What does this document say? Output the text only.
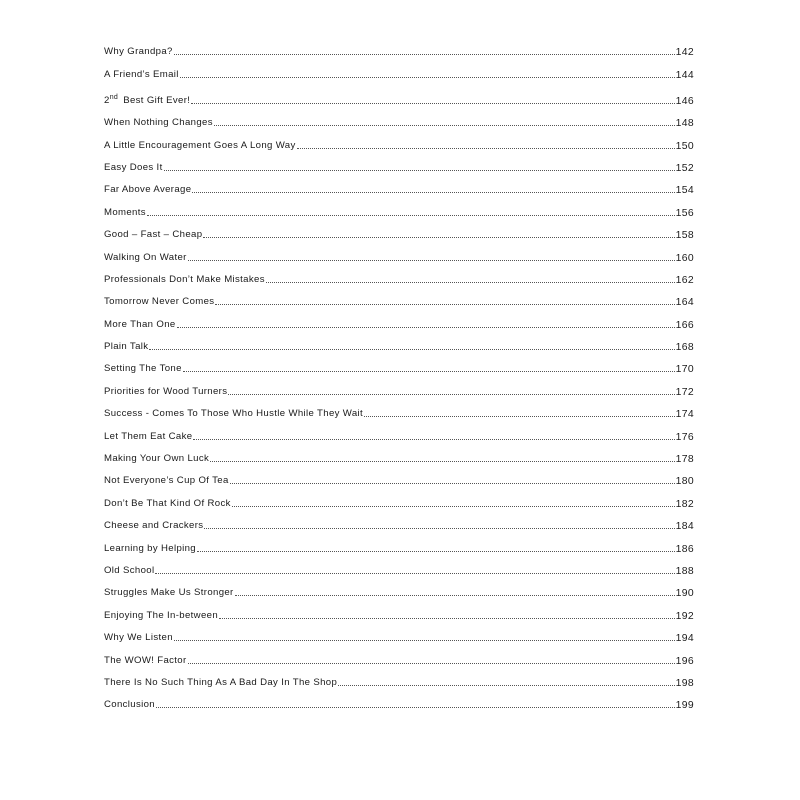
Why Grandpa?	142
A Friend’s Email	144
2nd Best Gift Ever!	146
When Nothing Changes	148
A Little Encouragement Goes A Long Way	150
Easy Does It	152
Far Above Average	154
Moments	156
Good – Fast – Cheap	158
Walking On Water	160
Professionals Don’t Make Mistakes	162
Tomorrow Never Comes	164
More Than One	166
Plain Talk	168
Setting The Tone	170
Priorities for Wood Turners	172
Success - Comes To Those Who Hustle While They Wait	174
Let Them Eat Cake	176
Making Your Own Luck	178
Not Everyone’s Cup Of Tea	180
Don’t Be That Kind Of Rock	182
Cheese and Crackers	184
Learning by Helping	186
Old School	188
Struggles Make Us Stronger	190
Enjoying The In-between	192
Why We Listen	194
The WOW! Factor	196
There Is No Such Thing As A Bad Day In The Shop	198
Conclusion	199
